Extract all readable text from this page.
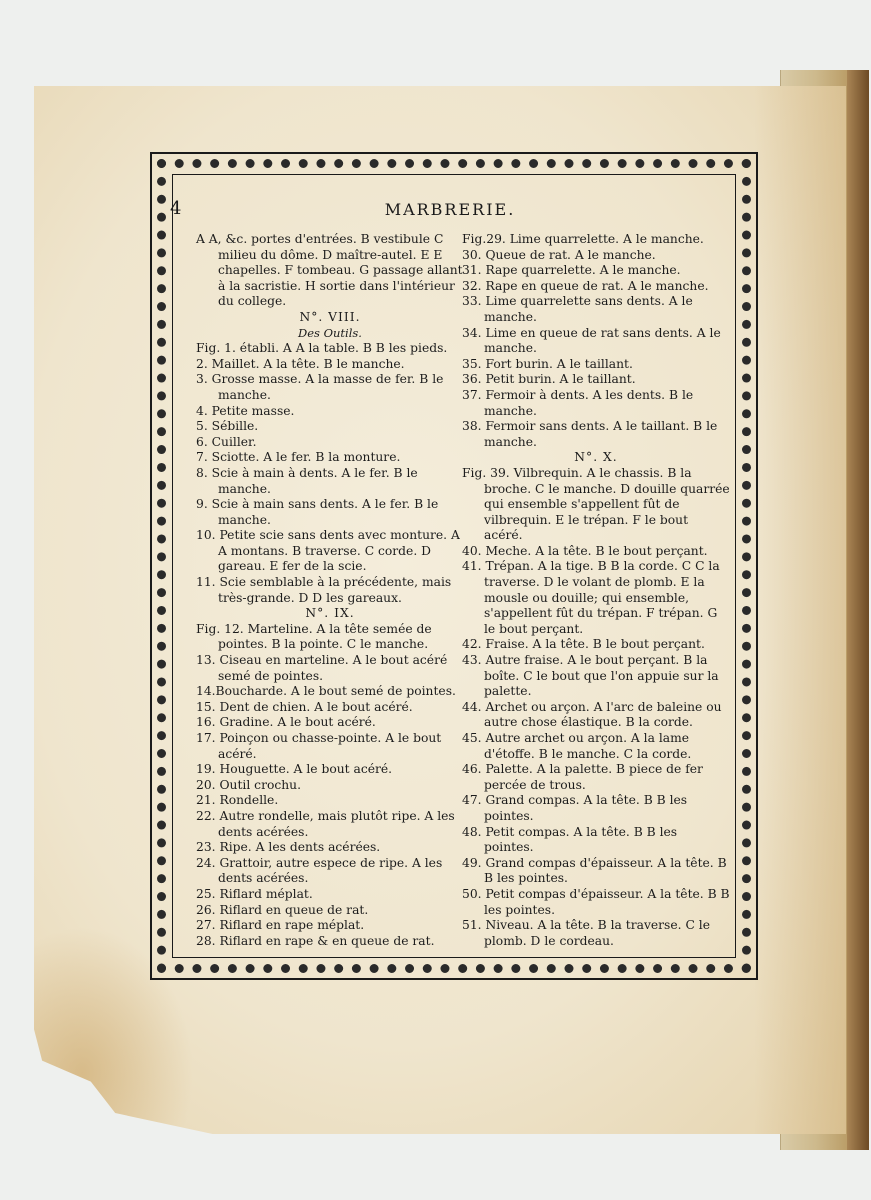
4	MARBRERIE.

A A, &c. portes d'entrées. B vestibule C milieu du dôme. D maître-autel. E E chapelles. F tombeau. G passage allant à la sacristie. H sortie dans l'intérieur du college.

N°. VIII.

Des Outils.

Fig. 1. établi. A A la table. B B les pieds.

2. Maillet. A la tête. B le manche.

3. Grosse masse. A la masse de fer. B le manche.

4. Petite masse.

5. Sébille.

6. Cuiller.

7. Sciotte. A le fer. B la monture.

8. Scie à main à dents. A le fer. B le manche.

9. Scie à main sans dents. A le fer. B le manche.

10. Petite scie sans dents avec monture. A A montans. B traverse. C corde. D gareau. E fer de la scie.

11. Scie semblable à la précédente, mais très-grande. D D les gareaux.

N°. IX.

Fig. 12. Marteline. A la tête semée de pointes. B la pointe. C le manche.

13. Ciseau en marteline. A le bout acéré semé de pointes.

14.Boucharde. A le bout semé de pointes.

15. Dent de chien. A le bout acéré.

16. Gradine. A le bout acéré.

17. Poinçon ou chasse-pointe. A le bout acéré.

19. Houguette. A le bout acéré.

20. Outil crochu.

21. Rondelle.

22. Autre rondelle, mais plutôt ripe. A les dents acérées.

23. Ripe. A les dents acérées.

24. Grattoir, autre espece de ripe. A les dents acérées.

25. Riflard méplat.

26. Riflard en queue de rat.

27. Riflard en rape méplat.

28. Riflard en rape & en queue de rat.

Fig.29. Lime quarrelette. A le manche.

30. Queue de rat. A le manche.

31. Rape quarrelette. A le manche.

32. Rape en queue de rat. A le manche.

33. Lime quarrelette sans dents. A le manche.

34. Lime en queue de rat sans dents. A le manche.

35. Fort burin. A le taillant.

36. Petit burin. A le taillant.

37. Fermoir à dents. A les dents. B le manche.

38. Fermoir sans dents. A le taillant. B le manche.

N°. X.

Fig. 39. Vilbrequin. A le chassis. B la broche. C le manche. D douille quarrée qui ensemble s'appellent fût de vilbrequin. E le trépan. F le bout acéré.

40. Meche. A la tête. B le bout perçant.

41. Trépan. A la tige. B B la corde. C C la traverse. D le volant de plomb. E la mousle ou douille; qui ensemble, s'appellent fût du trépan. F trépan. G le bout perçant.

42. Fraise. A la tête. B le bout perçant.

43. Autre fraise. A le bout perçant. B la boîte. C le bout que l'on appuie sur la palette.

44. Archet ou arçon. A l'arc de baleine ou autre chose élastique. B la corde.

45. Autre archet ou arçon. A la lame d'étoffe. B le manche. C la corde.

46. Palette. A la palette. B piece de fer percée de trous.

47. Grand compas. A la tête. B B les pointes.

48. Petit compas. A la tête. B B les pointes.

49. Grand compas d'épaisseur. A la tête. B B les pointes.

50. Petit compas d'épaisseur. A la tête. B B les pointes.

51. Niveau. A la tête. B la traverse. C le plomb. D le cordeau.
